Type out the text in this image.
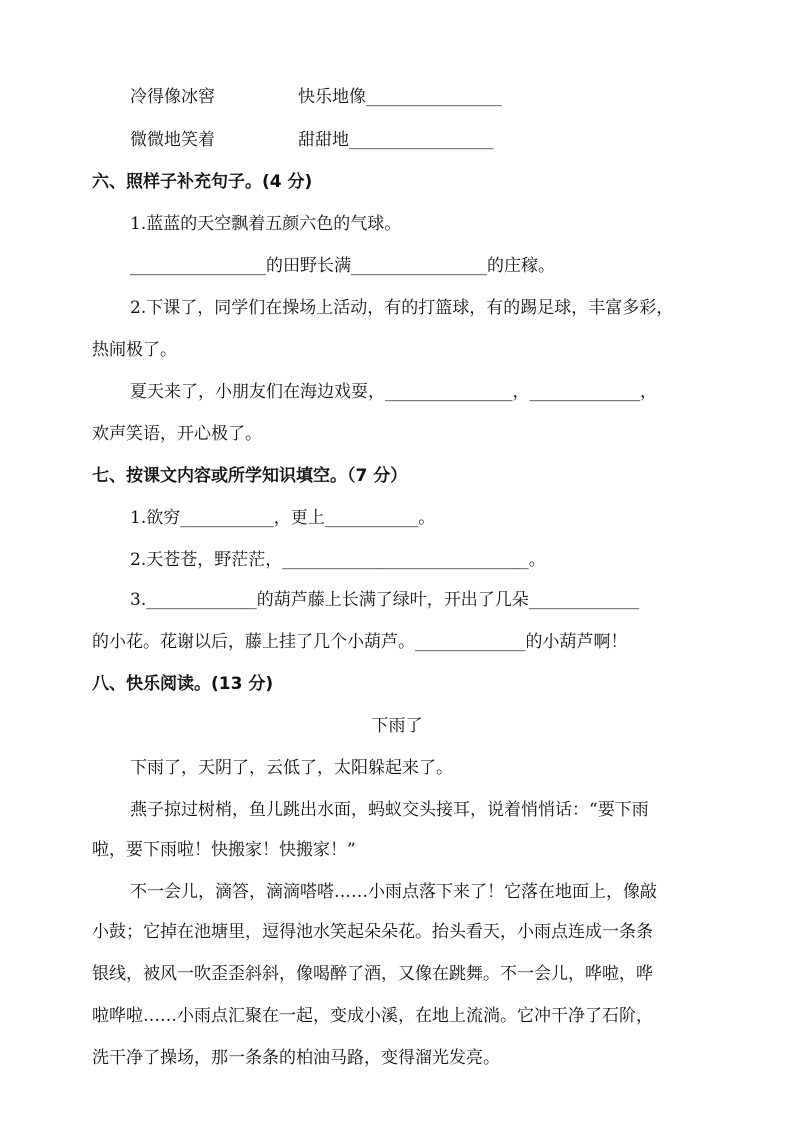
冷得像冰窖	快乐地像________________
微微地笑着	甜甜地_________________
六、照样子补充句子。(4 分)
1.蓝蓝的天空飘着五颜六色的气球。
________________的田野长满________________的庄稼。
2.下课了，同学们在操场上活动，有的打篮球，有的踢足球，丰富多彩，
热闹极了。
夏天来了，小朋友们在海边戏耍，_______________，_____________，
欢声笑语，开心极了。
七、按课文内容或所学知识填空。（7 分）
1.欲穷___________，更上___________。
2.天苍苍，野茫茫，_____________________________。
3._____________的葫芦藤上长满了绿叶，开出了几朵_____________
的小花。花谢以后，藤上挂了几个小葫芦。_____________的小葫芦啊！
八、快乐阅读。(13 分)
下雨了
下雨了，天阴了，云低了，太阳躲起来了。
燕子掠过树梢，鱼儿跳出水面，蚂蚁交头接耳，说着悄悄话：“要下雨
啦，要下雨啦！快搬家！快搬家！”
不一会儿，滴答，滴滴嗒嗒……小雨点落下来了！它落在地面上，像敲
小鼓；它掉在池塘里，逗得池水笑起朵朵花。抬头看天，小雨点连成一条条
银线，被风一吹歪歪斜斜，像喝醉了酒，又像在跳舞。不一会儿，哗啦，哗
啦哗啦……小雨点汇聚在一起，变成小溪，在地上流淌。它冲干净了石阶，
洗干净了操场，那一条条的柏油马路，变得溜光发亮。
